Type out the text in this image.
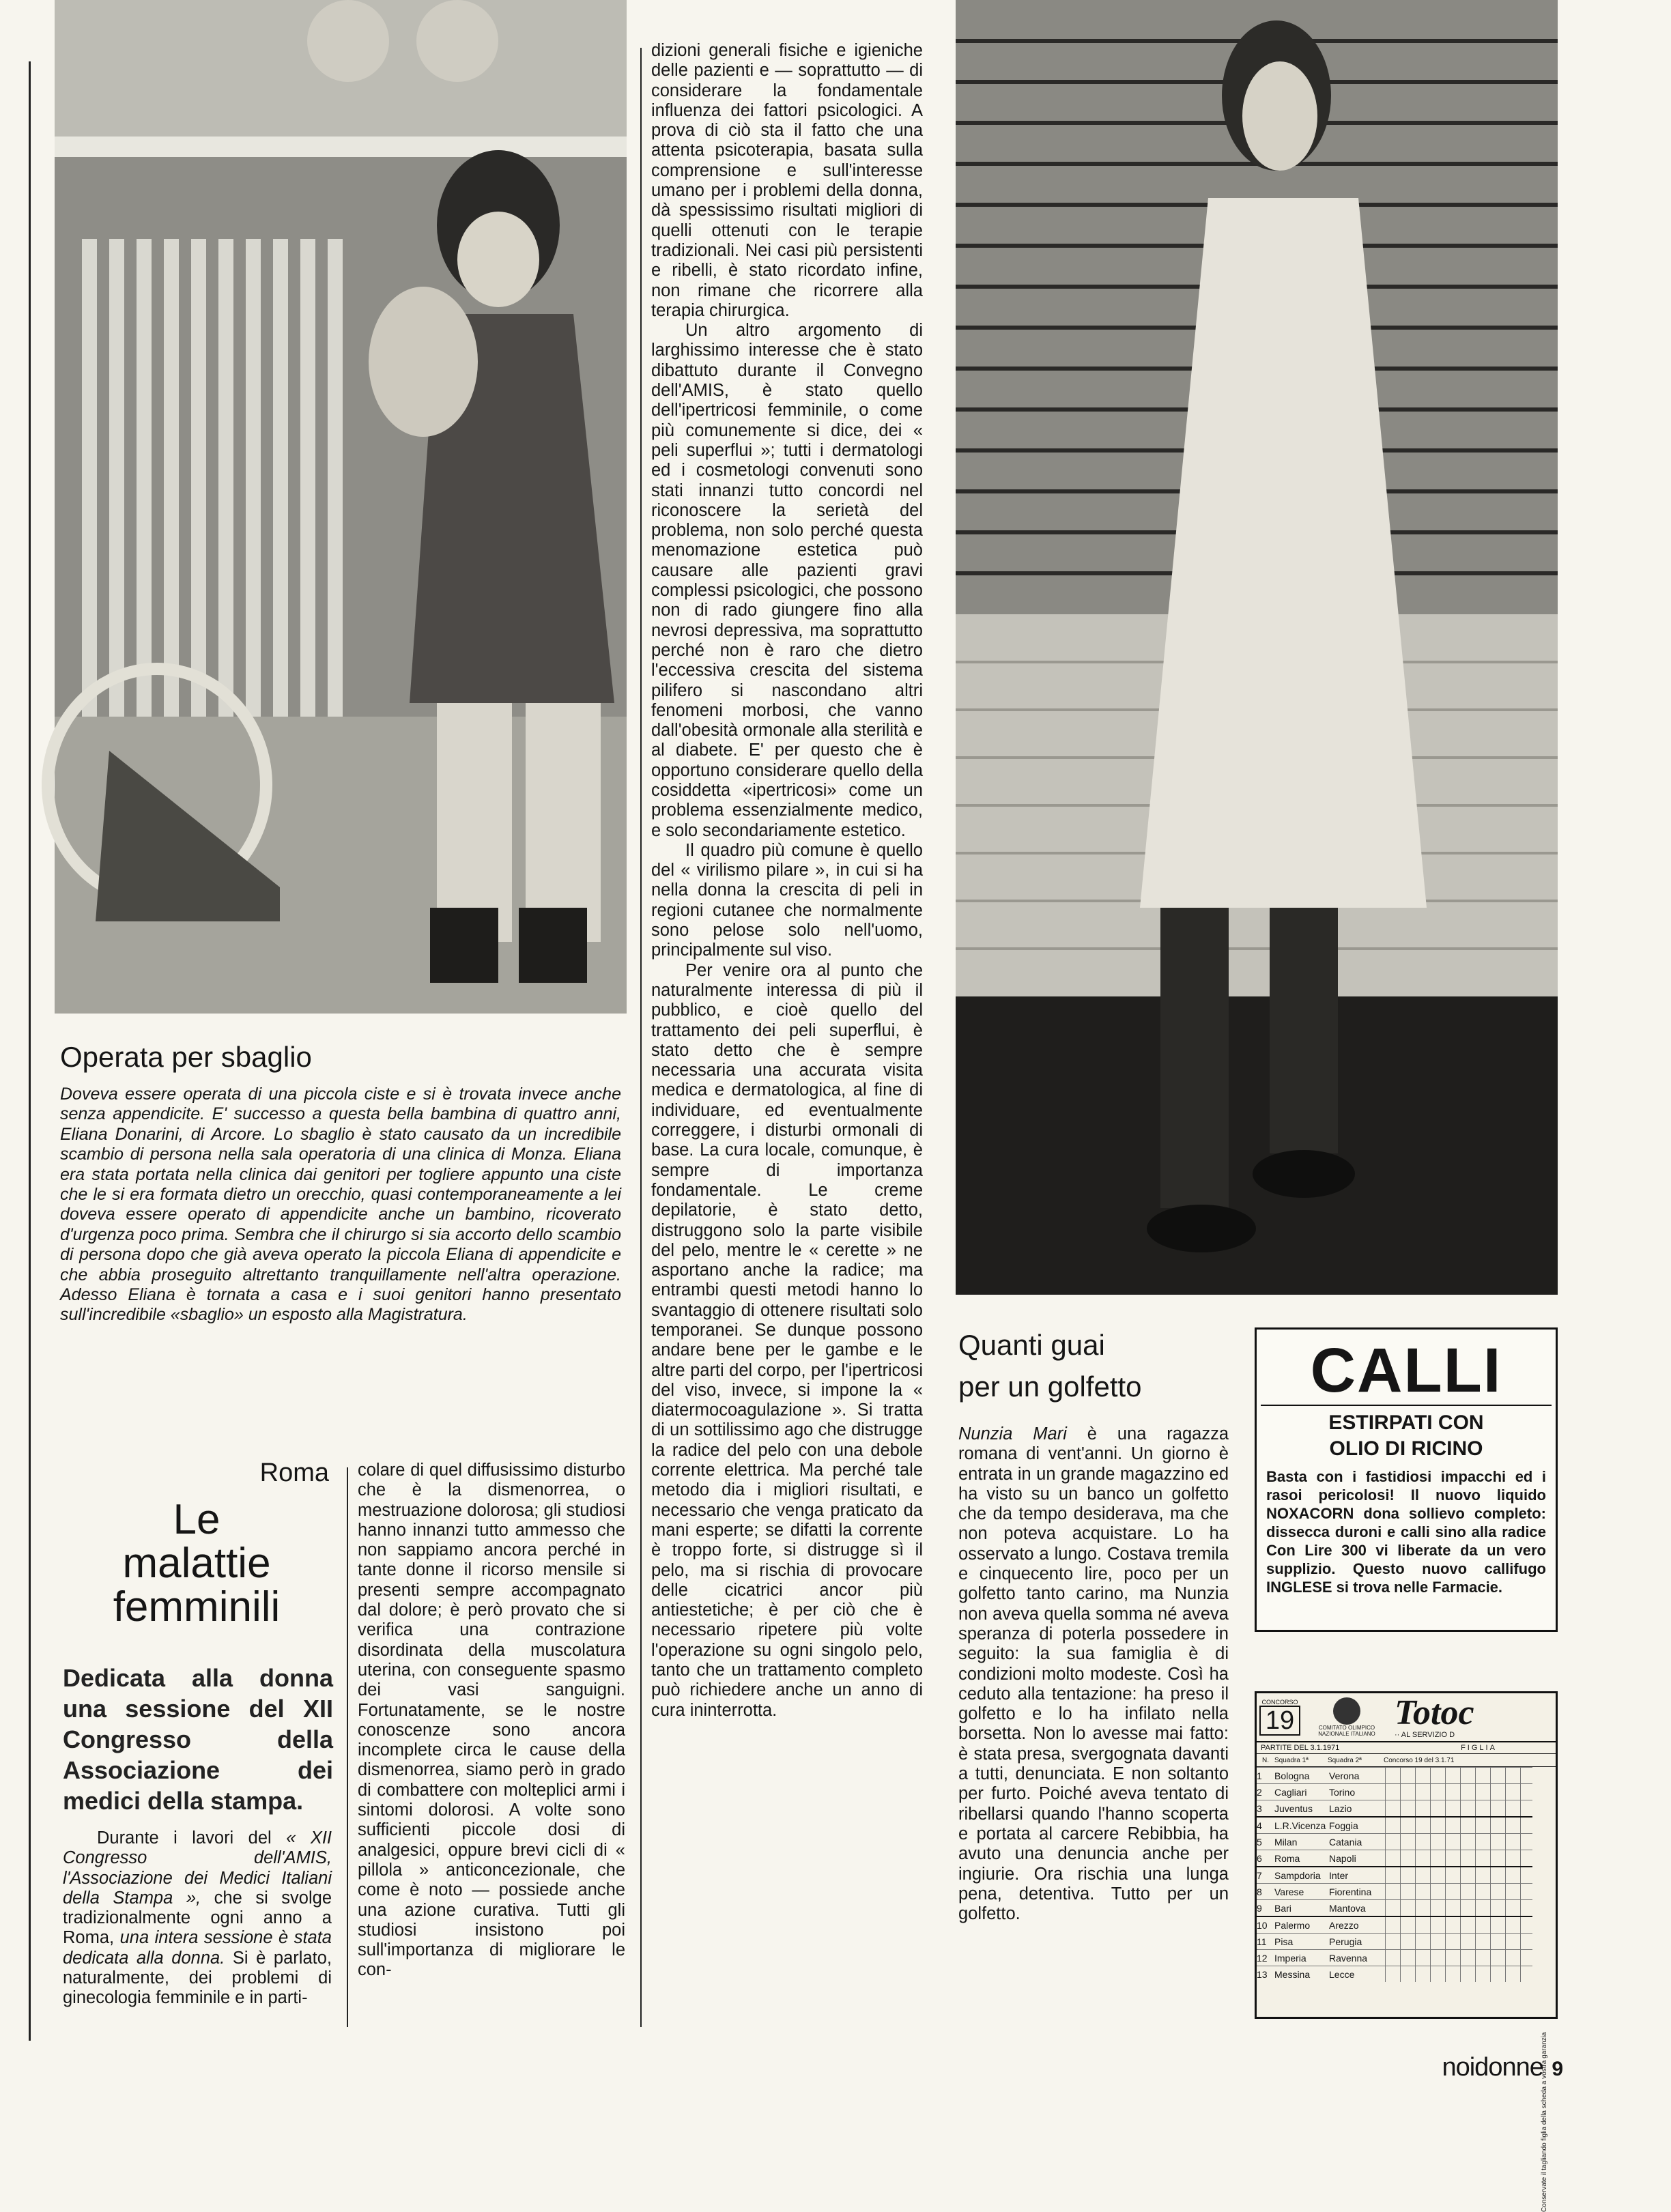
Operata per sbaglio
Doveva essere operata di una piccola ciste e si è trovata invece anche senza appendicite. E' successo a questa bella bambina di quattro anni, Eliana Donarini, di Arcore. Lo sbaglio è stato causato da un incredibile scambio di persona nella sala operatoria di una clinica di Monza. Eliana era stata portata nella clinica dai genitori per togliere appunto una ciste che le si era formata dietro un orecchio, quasi contemporaneamente a lei doveva essere operato di appendicite anche un bambino, ricoverato d'urgenza poco prima. Sembra che il chirurgo si sia accorto dello scambio di persona dopo che già aveva operato la piccola Eliana di appendicite e che abbia proseguito altrettanto tranquillamente nell'altra operazione. Adesso Eliana è tornata a casa e i suoi genitori hanno presentato sull'incredibile «sbaglio» un esposto alla Magistratura.
Roma
Le
malattie
femminili
Dedicata alla donna una sessione del XII Congresso della Associazione dei medici della stampa.

Durante i lavori del « XII Congresso dell'AMIS, l'Associazione dei Medici Italiani della Stampa », che si svolge tradizionalmente ogni anno a Roma, una intera sessione è stata dedicata alla donna. Si è parlato, naturalmente, dei problemi di ginecologia femminile e in parti-

colare di quel diffusissimo disturbo che è la dismenorrea, o mestruazione dolorosa; gli studiosi hanno innanzi tutto ammesso che non sappiamo ancora perché in tante donne il ricorso mensile si presenti sempre accompagnato dal dolore; è però provato che si verifica una contrazione disordinata della muscolatura uterina, con conseguente spasmo dei vasi sanguigni. Fortunatamente, se le nostre conoscenze sono ancora incomplete circa le cause della dismenorrea, siamo però in grado di combattere con molteplici armi i sintomi dolorosi. A volte sono sufficienti piccole dosi di analgesici, oppure brevi cicli di « pillola » anticoncezionale, che come è noto — possiede anche una azione curativa. Tutti gli studiosi insistono poi sull'importanza di migliorare le con-

dizioni generali fisiche e igieniche delle pazienti e — soprattutto — di considerare la fondamentale influenza dei fattori psicologici. A prova di ciò sta il fatto che una attenta psicoterapia, basata sulla comprensione e sull'interesse umano per i problemi della donna, dà spessissimo risultati migliori di quelli ottenuti con le terapie tradizionali. Nei casi più persistenti e ribelli, è stato ricordato infine, non rimane che ricorrere alla terapia chirurgica.

Un altro argomento di larghissimo interesse che è stato dibattuto durante il Convegno dell'AMIS, è stato quello dell'ipertricosi femminile, o come più comunemente si dice, dei « peli superflui »; tutti i dermatologi ed i cosmetologi convenuti sono stati innanzi tutto concordi nel riconoscere la serietà del problema, non solo perché questa menomazione estetica può causare alle pazienti gravi complessi psicologici, che possono non di rado giungere fino alla nevrosi depressiva, ma soprattutto perché non è raro che dietro l'eccessiva crescita del sistema pilifero si nascondano altri fenomeni morbosi, che vanno dall'obesità ormonale alla sterilità e al diabete. E' per questo che è opportuno considerare quello della cosiddetta «ipertricosi» come un problema essenzialmente medico, e solo secondariamente estetico.

Il quadro più comune è quello del « virilismo pilare », in cui si ha nella donna la crescita di peli in regioni cutanee che normalmente sono pelose solo nell'uomo, principalmente sul viso.

Per venire ora al punto che naturalmente interessa di più il pubblico, e cioè quello del trattamento dei peli superflui, è stato detto che è sempre necessaria una accurata visita medica e dermatologica, al fine di individuare, ed eventualmente correggere, i disturbi ormonali di base. La cura locale, comunque, è sempre di importanza fondamentale. Le creme depilatorie, è stato detto, distruggono solo la parte visibile del pelo, mentre le « cerette » ne asportano anche la radice; ma entrambi questi metodi hanno lo svantaggio di ottenere risultati solo temporanei. Se dunque possono andare bene per le gambe e le altre parti del corpo, per l'ipertricosi del viso, invece, si impone la « diatermocoagulazione ». Si tratta di un sottilissimo ago che distrugge la radice del pelo con una debole corrente elettrica. Ma perché tale metodo dia i migliori risultati, e necessario che venga praticato da mani esperte; se difatti la corrente è troppo forte, si distrugge sì il pelo, ma si rischia di provocare delle cicatrici ancor più antiestetiche; è per ciò che è necessario ripetere più volte l'operazione su ogni singolo pelo, tanto che un trattamento completo può richiedere anche un anno di cura ininterrotta.

Quanti guai
per un golfetto
Nunzia Mari è una ragazza romana di vent'anni. Un giorno è entrata in un grande magazzino ed ha visto su un banco un golfetto che da tempo desiderava, ma che non poteva acquistare. Lo ha osservato a lungo. Costava tremila e cinquecento lire, poco per un golfetto tanto carino, ma Nunzia non aveva quella somma né aveva speranza di poterla possedere in seguito: la sua famiglia è di condizioni molto modeste. Così ha ceduto alla tentazione: ha preso il golfetto e lo ha infilato nella borsetta. Non lo avesse mai fatto: è stata presa, svergognata davanti a tutti, denunciata. E non soltanto per furto. Poiché aveva tentato di ribellarsi quando l'hanno scoperta e portata al carcere Rebibbia, ha avuto una denuncia anche per ingiurie. Ora rischia una lunga pena, detentiva. Tutto per un golfetto.
CALLI
ESTIRPATI CON
OLIO DI RICINO
Basta con i fastidiosi impacchi ed i rasoi pericolosi! Il nuovo liquido NOXACORN dona sollievo completo: dissecca duroni e calli sino alla radice Con Lire 300 vi liberate da un vero supplizio. Questo nuovo callifugo INGLESE si trova nelle Farmacie.
CONCORSO
19	COMITATO OLIMPICO NAZIONALE ITALIANO
Totoc
·· AL SERVIZIO D
PARTITE DEL 3.1.1971	FIGLIA
N. Squadra 1ª	Squadra 2ª	Concorso 19 del 3.1.71
1	Bologna	Verona
2	Cagliari	Torino
3	Juventus	Lazio
4	L.R.Vicenza Foggia
5	Milan	Catania
6	Roma	Napoli
7	Sampdoria Inter
8	Varese	Fiorentina
9	Bari	Mantova
10 Palermo	Arezzo
11 Pisa	Perugia
12 Imperia	Ravenna
13 Messina	Lecce
Conservate il tagliando figlia della scheda a vostra garanzia
noidonne 9
